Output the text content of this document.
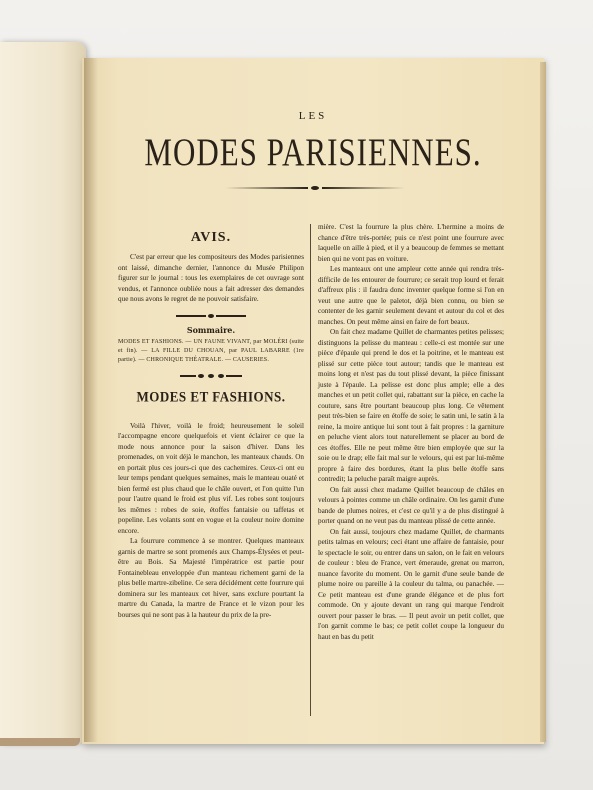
LES
MODES PARISIENNES.
AVIS.

C'est par erreur que les compositeurs des Modes parisiennes ont laissé, dimanche dernier, l'annonce du Musée Philipon figurer sur le journal : tous les exemplaires de cet ouvrage sont vendus, et l'annonce oubliée nous a fait adresser des demandes que nous avons le regret de ne pouvoir satisfaire.

Sommaire.

MODES ET FASHIONS. — UN FAUNE VIVANT, par MOLÉRI (suite et fin). — LA FILLE DU CHOUAN, par PAUL LABARRE (1re partie). — CHRONIQUE THÉATRALE. — CAUSERIES.

MODES ET FASHIONS.

Voilà l'hiver, voilà le froid; heureusement le soleil l'accompagne encore quelquefois et vient éclairer ce que la mode nous annonce pour la saison d'hiver. Dans les promenades, on voit déjà le manchon, les manteaux chauds. On en portait plus ces jours-ci que des cachemires. Ceux-ci ont eu leur temps pendant quelques semaines, mais le manteau ouaté et bien fermé est plus chaud que le châle ouvert, et l'on quitte l'un pour l'autre quand le froid est plus vif. Les robes sont toujours les mêmes : robes de soie, étoffes fantaisie ou taffetas et popeline. Les volants sont en vogue et la couleur noire domine encore.

La fourrure commence à se montrer. Quelques manteaux garnis de martre se sont promenés aux Champs-Élysées et peut-être au Bois. Sa Majesté l'impératrice est partie pour Fontainebleau enveloppée d'un manteau richement garni de la plus belle martre-zibeline. Ce sera décidément cette fourrure qui dominera sur les manteaux cet hiver, sans exclure pourtant la martre du Canada, la martre de France et le vizon pour les bourses qui ne sont pas à la hauteur du prix de la pre-

mière. C'est la fourrure la plus chère. L'hermine a moins de chance d'être très-portée; puis ce n'est point une fourrure avec laquelle on aille à pied, et il y a beaucoup de femmes se mettant bien qui ne vont pas en voiture.

Les manteaux ont une ampleur cette année qui rendra très-difficile de les entourer de fourrure; ce serait trop lourd et ferait d'affreux plis : il faudra donc inventer quelque forme si l'on en veut une autre que le paletot, déjà bien connu, ou bien se contenter de les garnir seulement devant et autour du col et des manches. On peut même ainsi en faire de fort beaux.

On fait chez madame Quillet de charmantes petites pelisses; distinguons la pelisse du manteau : celle-ci est montée sur une pièce d'épaule qui prend le dos et la poitrine, et le manteau est plissé sur cette pièce tout autour; tandis que le manteau est moins long et n'est pas du tout plissé devant, la pièce finissant juste à l'épaule. La pelisse est donc plus ample; elle a des manches et un petit collet qui, rabattant sur la pièce, en cache la couture, sans être pourtant beaucoup plus long. Ce vêtement peut très-bien se faire en étoffe de soie; le satin uni, le satin à la reine, la moire antique lui sont tout à fait propres : la garniture en peluche vient alors tout naturellement se placer au bord de ces étoffes. Elle ne peut même être bien employée que sur la soie ou le drap; elle fait mal sur le velours, qui est par lui-même propre à faire des bordures, étant la plus belle étoffe sans contredit; la peluche paraît maigre auprès.

On fait aussi chez madame Quillet beaucoup de châles en velours à pointes comme un châle ordinaire. On les garnit d'une bande de plumes noires, et c'est ce qu'il y a de plus distingué à porter quand on ne veut pas du manteau plissé de cette année.

On fait aussi, toujours chez madame Quillet, de charmants petits talmas en velours; ceci étant une affaire de fantaisie, pour le spectacle le soir, ou entrer dans un salon, on le fait en velours de couleur : bleu de France, vert émeraude, grenat ou marron, nuance favorite du moment. On le garnit d'une seule bande de plume noire ou pareille à la couleur du talma, ou panachée. — Ce petit manteau est d'une grande élégance et de plus fort commode. On y ajoute devant un rang qui marque l'endroit ouvert pour passer le bras. — Il peut avoir un petit collet, que l'on garnit comme le bas; ce petit collet coupe la longueur du haut en bas du petit
